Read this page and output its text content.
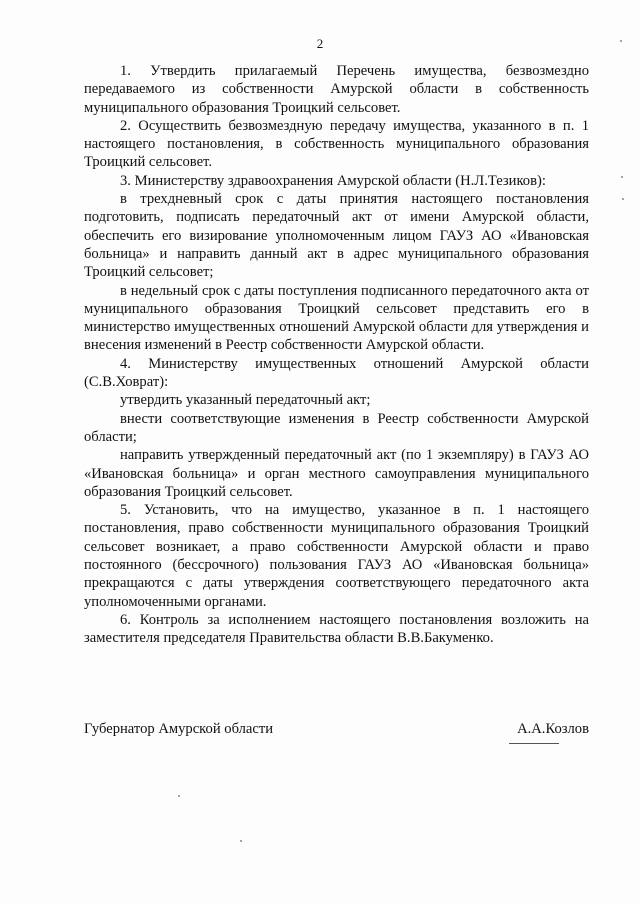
2

1. Утвердить прилагаемый Перечень имущества, безвозмездно передаваемого из собственности Амурской области в собственность муниципального образования Троицкий сельсовет.

2. Осуществить безвозмездную передачу имущества, указанного в п. 1 настоящего постановления, в собственность муниципального образования Троицкий сельсовет.

3. Министерству здравоохранения Амурской области (Н.Л.Тезиков):

в трехдневный срок с даты принятия настоящего постановления подготовить, подписать передаточный акт от имени Амурской области, обеспечить его визирование уполномоченным лицом ГАУЗ АО «Ивановская больница» и направить данный акт в адрес муниципального образования Троицкий сельсовет;

в недельный срок с даты поступления подписанного передаточного акта от муниципального образования Троицкий сельсовет представить его в министерство имущественных отношений Амурской области для утверждения и внесения изменений в Реестр собственности Амурской области.

4. Министерству имущественных отношений Амурской области (С.В.Ховрат):

утвердить указанный передаточный акт;

внести соответствующие изменения в Реестр собственности Амурской области;

направить утвержденный передаточный акт (по 1 экземпляру) в ГАУЗ АО «Ивановская больница» и орган местного самоуправления муниципального образования Троицкий сельсовет.

5. Установить, что на имущество, указанное в п. 1 настоящего постановления, право собственности муниципального образования Троицкий сельсовет возникает, а право собственности Амурской области и право постоянного (бессрочного) пользования ГАУЗ АО «Ивановская больница» прекращаются с даты утверждения соответствующего передаточного акта уполномоченными органами.

6. Контроль за исполнением настоящего постановления возложить на заместителя председателя Правительства области В.В.Бакуменко.

Губернатор Амурской области	А.А.Козлов
